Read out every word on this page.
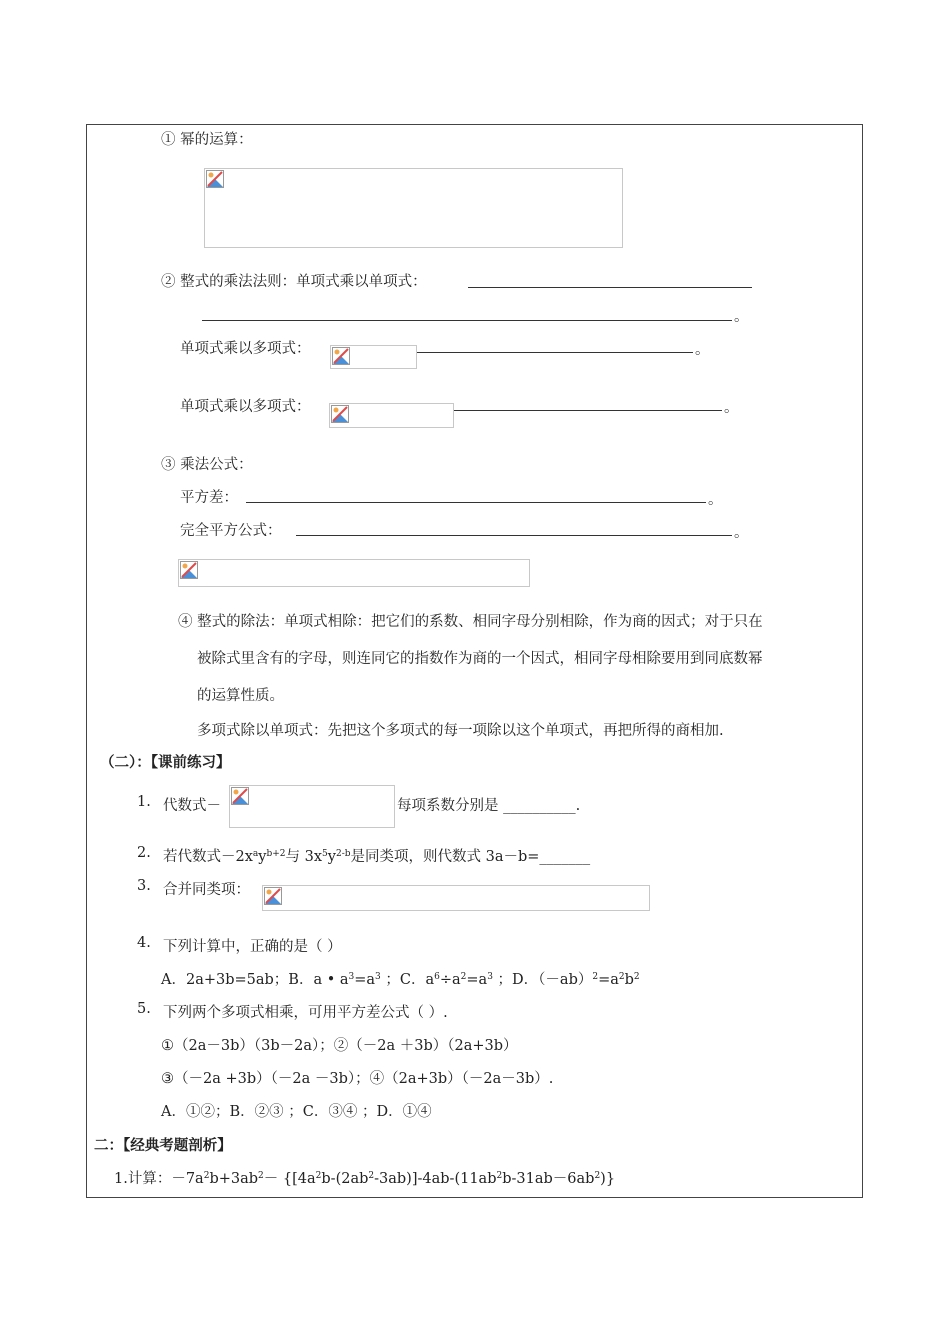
① 幂的运算：
② 整式的乘法法则：单项式乘以单项式：
。
单项式乘以多项式：	。
单项式乘以多项式：	。
③ 乘法公式：
平方差：	。
完全平方公式：	。
④ 整式的除法：单项式相除：把它们的系数、相同字母分别相除，作为商的因式；对于只在
被除式里含有的字母，则连同它的指数作为商的一个因式，相同字母相除要用到同底数幂
的运算性质。
多项式除以单项式：先把这个多项式的每一项除以这个单项式，再把所得的商相加.
（二）：【课前练习】
1. 代数式－	每项系数分别是 __________.
2. 若代数式$-2x^ay^{b+2}$与 $3x^5y^{2-b}$是同类项，则代数式 3a－b=_______
3. 合并同类项：
4. 下列计算中，正确的是（ ）
A．2a+3b=5ab；B．a • $a^3=a^3$ ；C．$a^6\div a^2=a^3$ ；D．$(-ab)^2=a^2b^2$
5. 下列两个多项式相乘，可用平方差公式（ ）.
①（2a－3b）（3b－2a）；②（－2a ＋3b）（2a+3b）
③（－2a +3b）（－2a －3b）；④（2a+3b）（－2a－3b）.
A．①②；B．②③ ；C．③④ ；D．①④
二：【经典考题剖析】
1.计算：$-7a^2b+3ab^2- \{[4a^2b-(2ab^2-3ab)]-4ab-(11ab^2b-31ab-6ab^2)\}$
